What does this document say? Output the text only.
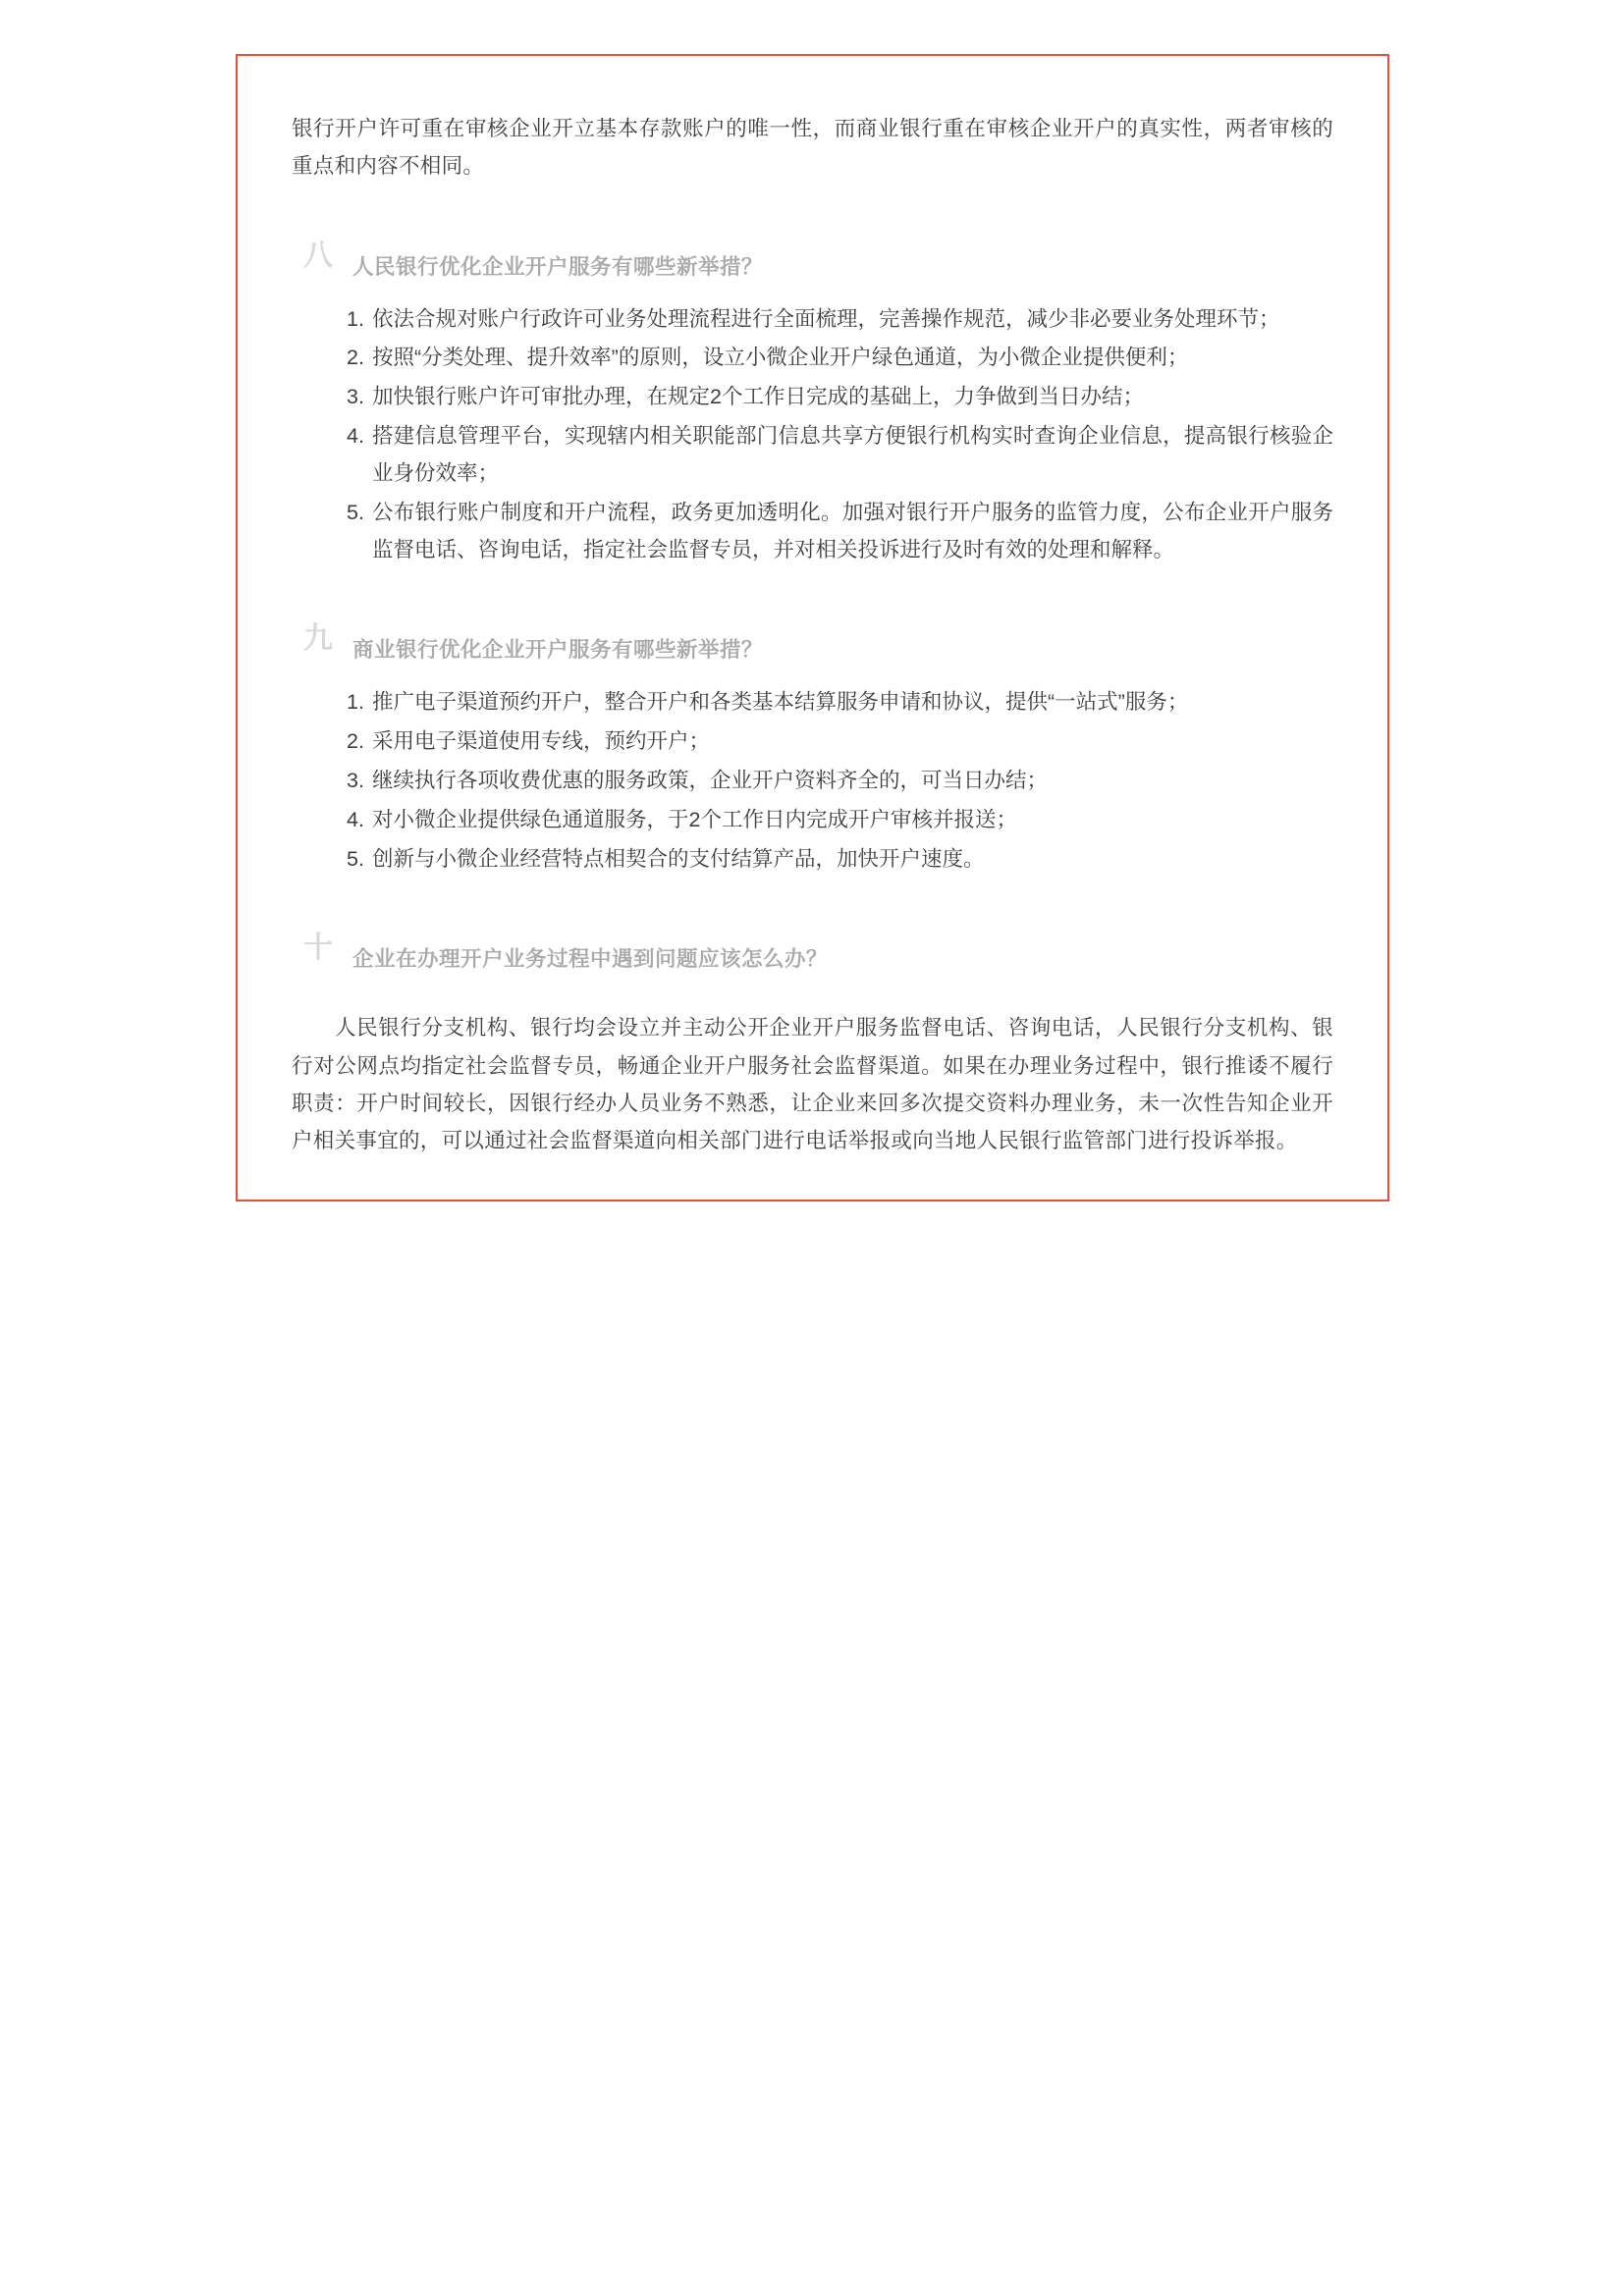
银行开户许可重在审核企业开立基本存款账户的唯一性，而商业银行重在审核企业开户的真实性，两者审核的重点和内容不相同。

八 人民银行优化企业开户服务有哪些新举措？
依法合规对账户行政许可业务处理流程进行全面梳理，完善操作规范，减少非必要业务处理环节；
按照“分类处理、提升效率”的原则，设立小微企业开户绿色通道，为小微企业提供便利；
加快银行账户许可审批办理，在规定2个工作日完成的基础上，力争做到当日办结；
搭建信息管理平台，实现辖内相关职能部门信息共享方便银行机构实时查询企业信息，提高银行核验企业身份效率；
公布银行账户制度和开户流程，政务更加透明化。加强对银行开户服务的监管力度，公布企业开户服务监督电话、咨询电话，指定社会监督专员，并对相关投诉进行及时有效的处理和解释。
九 商业银行优化企业开户服务有哪些新举措？
推广电子渠道预约开户，整合开户和各类基本结算服务申请和协议，提供“一站式”服务；
采用电子渠道使用专线，预约开户；
继续执行各项收费优惠的服务政策，企业开户资料齐全的，可当日办结；
对小微企业提供绿色通道服务，于2个工作日内完成开户审核并报送；
创新与小微企业经营特点相契合的支付结算产品，加快开户速度。
十 企业在办理开户业务过程中遇到问题应该怎么办？

人民银行分支机构、银行均会设立并主动公开企业开户服务监督电话、咨询电话，人民银行分支机构、银行对公网点均指定社会监督专员，畅通企业开户服务社会监督渠道。如果在办理业务过程中，银行推诿不履行职责：开户时间较长，因银行经办人员业务不熟悉，让企业来回多次提交资料办理业务，未一次性告知企业开户相关事宜的，可以通过社会监督渠道向相关部门进行电话举报或向当地人民银行监管部门进行投诉举报。
